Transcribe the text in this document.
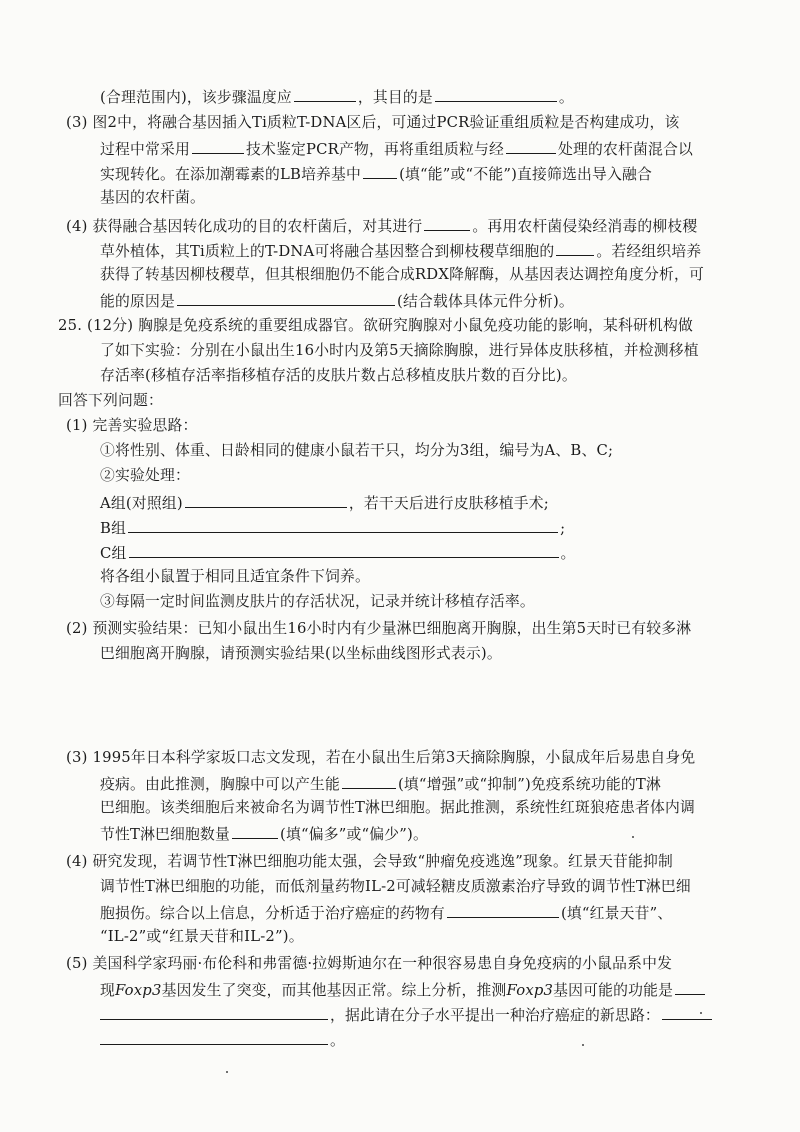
(合理范围内)，该步骤温度应	，其目的是	。
(3) 图2中，将融合基因插入Ti质粒T-DNA区后，可通过PCR验证重组质粒是否构建成功，该
过程中常采用	技术鉴定PCR产物，再将重组质粒与经	处理的农杆菌混合以
实现转化。在添加潮霉素的LB培养基中	(填“能”或“不能”)直接筛选出导入融合
基因的农杆菌。
(4) 获得融合基因转化成功的目的农杆菌后，对其进行	。再用农杆菌侵染经消毒的柳枝稷
草外植体，其Ti质粒上的T-DNA可将融合基因整合到柳枝稷草细胞的	。若经组织培养
获得了转基因柳枝稷草，但其根细胞仍不能合成RDX降解酶，从基因表达调控角度分析，可
能的原因是	(结合载体具体元件分析)。
25. (12分) 胸腺是免疫系统的重要组成器官。欲研究胸腺对小鼠免疫功能的影响，某科研机构做
了如下实验：分别在小鼠出生16小时内及第5天摘除胸腺，进行异体皮肤移植，并检测移植
存活率(移植存活率指移植存活的皮肤片数占总移植皮肤片数的百分比)。
回答下列问题：
(1) 完善实验思路：
①将性别、体重、日龄相同的健康小鼠若干只，均分为3组，编号为A、B、C;
②实验处理：
A组(对照组)	，若干天后进行皮肤移植手术;
B组	;
C组	。
将各组小鼠置于相同且适宜条件下饲养。
③每隔一定时间监测皮肤片的存活状况，记录并统计移植存活率。
(2) 预测实验结果：已知小鼠出生16小时内有少量淋巴细胞离开胸腺，出生第5天时已有较多淋
巴细胞离开胸腺，请预测实验结果(以坐标曲线图形式表示)。
(3) 1995年日本科学家坂口志文发现，若在小鼠出生后第3天摘除胸腺，小鼠成年后易患自身免
疫病。由此推测，胸腺中可以产生能	(填“增强”或“抑制”)免疫系统功能的T淋
巴细胞。该类细胞后来被命名为调节性T淋巴细胞。据此推测，系统性红斑狼疮患者体内调
节性T淋巴细胞数量	(填“偏多”或“偏少”)。
(4) 研究发现，若调节性T淋巴细胞功能太强，会导致“肿瘤免疫逃逸”现象。红景天苷能抑制
调节性T淋巴细胞的功能，而低剂量药物IL-2可减轻糖皮质激素治疗导致的调节性T淋巴细
胞损伤。综合以上信息，分析适于治疗癌症的药物有	(填“红景天苷”、
“IL-2”或“红景天苷和IL-2”)。
(5) 美国科学家玛丽·布伦科和弗雷德·拉姆斯迪尔在一种很容易患自身免疫病的小鼠品系中发
现Foxp3基因发生了突变，而其他基因正常。综上分析，推测Foxp3基因可能的功能是
，据此请在分子水平提出一种治疗癌症的新思路：
。
